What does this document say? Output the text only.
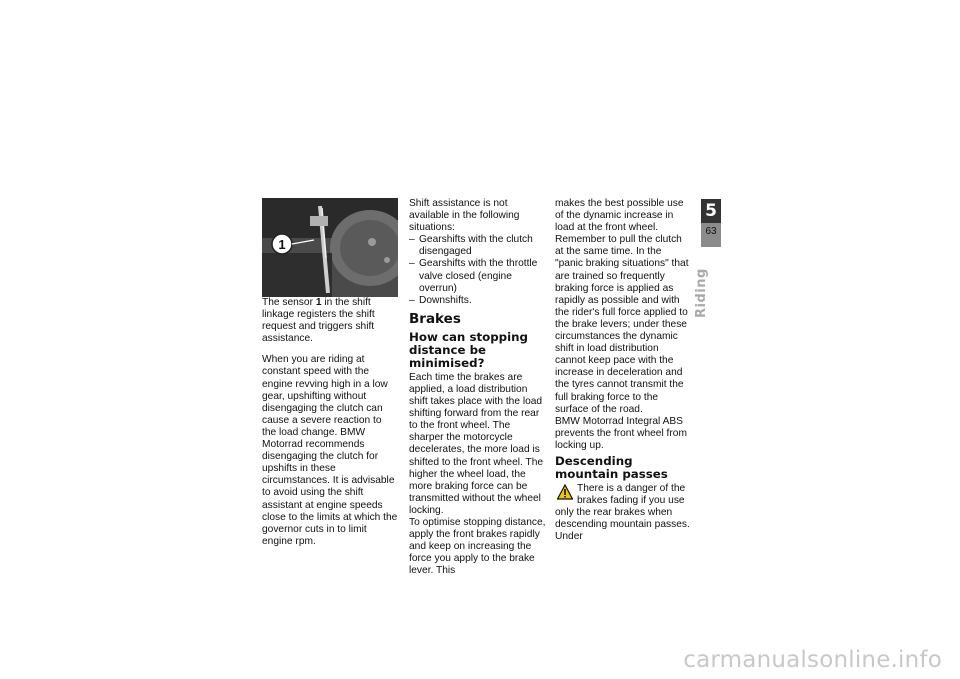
1

The sensor 1 in the shift linkage registers the shift request and triggers shift assistance.

When you are riding at constant speed with the engine revving high in a low gear, upshifting without disengaging the clutch can cause a severe reaction to the load change. BMW Motorrad recommends disengaging the clutch for upshifts in these circumstances. It is advisable to avoid using the shift assistant at engine speeds close to the limits at which the governor cuts in to limit engine rpm.

Shift assistance is not available in the following situations:

– Gearshifts with the clutch disengaged
– Gearshifts with the throttle valve closed (engine overrun)
– Downshifts.
Brakes
How can stopping distance be minimised?

Each time the brakes are applied, a load distribution shift takes place with the load shifting forward from the rear to the front wheel. The sharper the motorcycle decelerates, the more load is shifted to the front wheel. The higher the wheel load, the more braking force can be transmitted without the wheel locking.

To optimise stopping distance, apply the front brakes rapidly and keep on increasing the force you apply to the brake lever. This

makes the best possible use of the dynamic increase in load at the front wheel. Remember to pull the clutch at the same time. In the "panic braking situations" that are trained so frequently braking force is applied as rapidly as possible and with the rider's full force applied to the brake levers; under these circumstances the dynamic shift in load distribution cannot keep pace with the increase in deceleration and the tyres cannot transmit the full braking force to the surface of the road.

BMW Motorrad Integral ABS prevents the front wheel from locking up.

Descending mountain passes
There is a danger of the
brakes fading if you use

only the rear brakes when descending mountain passes. Under

5
63
Riding
carmanualsonline.info
